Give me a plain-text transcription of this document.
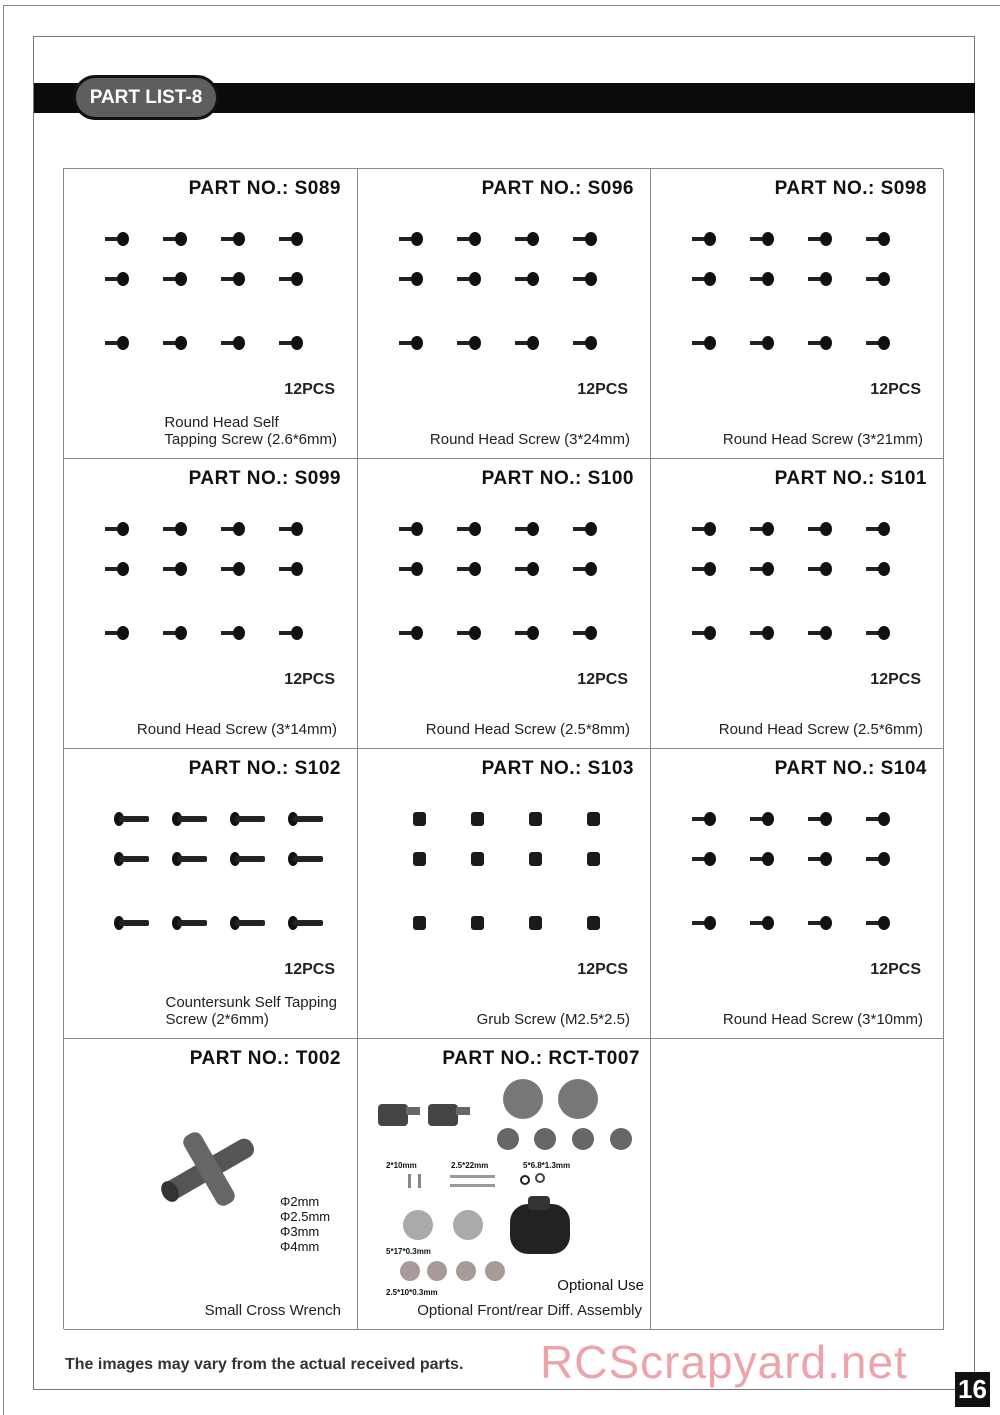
PART LIST-8
PART NO.: S089
12PCS
Round Head Self
Tapping Screw (2.6*6mm)
PART NO.: S096
12PCS
Round Head Screw (3*24mm)
PART NO.: S098
12PCS
Round Head Screw (3*21mm)
PART NO.: S099
12PCS
Round Head Screw (3*14mm)
PART NO.: S100
12PCS
Round Head Screw (2.5*8mm)
PART NO.: S101
12PCS
Round Head Screw (2.5*6mm)
PART NO.: S102
12PCS
Countersunk Self Tapping
Screw (2*6mm)
PART NO.: S103
12PCS
Grub Screw (M2.5*2.5)
PART NO.: S104
12PCS
Round Head Screw (3*10mm)
PART NO.: T002
Φ2mm
Φ2.5mm
Φ3mm
Φ4mm
Small Cross Wrench
PART NO.: RCT-T007
2*10mm	2.5*22mm	5*6.8*1.3mm
5*17*0.3mm
2.5*10*0.3mm	Optional Use
Optional Front/rear Diff. Assembly
The images may vary from the actual received parts.
16
RCScrapyard.net
